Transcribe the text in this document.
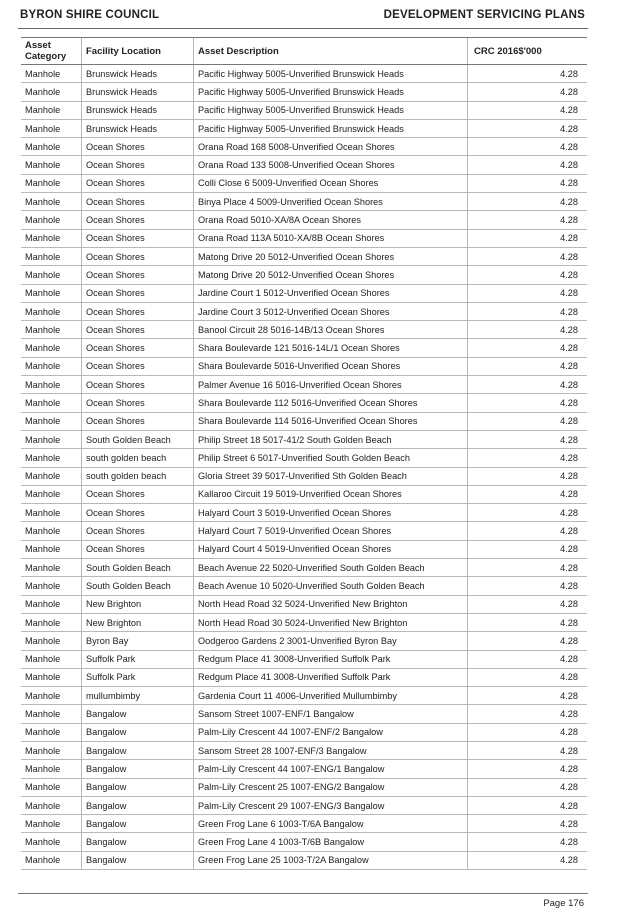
BYRON SHIRE COUNCIL	DEVELOPMENT SERVICING PLANS
Asset Category	Facility Location	Asset Description	CRC 2016$'000
Manhole	Brunswick Heads	Pacific Highway 5005-Unverified Brunswick Heads	4.28
Manhole	Brunswick Heads	Pacific Highway 5005-Unverified Brunswick Heads	4.28
Manhole	Brunswick Heads	Pacific Highway 5005-Unverified Brunswick Heads	4.28
Manhole	Brunswick Heads	Pacific Highway 5005-Unverified Brunswick Heads	4.28
Manhole	Ocean Shores	Orana Road 168 5008-Unverified Ocean Shores	4.28
Manhole	Ocean Shores	Orana Road 133 5008-Unverified Ocean Shores	4.28
Manhole	Ocean Shores	Colli Close 6 5009-Unverified Ocean Shores	4.28
Manhole	Ocean Shores	Binya Place 4 5009-Unverified Ocean Shores	4.28
Manhole	Ocean Shores	Orana Road 5010-XA/8A Ocean Shores	4.28
Manhole	Ocean Shores	Orana Road 113A 5010-XA/8B Ocean Shores	4.28
Manhole	Ocean Shores	Matong Drive 20 5012-Unverified Ocean Shores	4.28
Manhole	Ocean Shores	Matong Drive 20 5012-Unverified Ocean Shores	4.28
Manhole	Ocean Shores	Jardine Court 1 5012-Unverified Ocean Shores	4.28
Manhole	Ocean Shores	Jardine Court 3 5012-Unverified Ocean Shores	4.28
Manhole	Ocean Shores	Banool Circuit 28 5016-14B/13 Ocean Shores	4.28
Manhole	Ocean Shores	Shara Boulevarde 121 5016-14L/1 Ocean Shores	4.28
Manhole	Ocean Shores	Shara Boulevarde 5016-Unverified Ocean Shores	4.28
Manhole	Ocean Shores	Palmer Avenue 16 5016-Unverified Ocean Shores	4.28
Manhole	Ocean Shores	Shara Boulevarde 112 5016-Unverified Ocean Shores	4.28
Manhole	Ocean Shores	Shara Boulevarde 114 5016-Unverified Ocean Shores	4.28
Manhole	South Golden Beach	Philip Street 18 5017-41/2 South Golden Beach	4.28
Manhole	south golden beach	Philip Street 6 5017-Unverified South Golden Beach	4.28
Manhole	south golden beach	Gloria Street 39 5017-Unverified Sth Golden Beach	4.28
Manhole	Ocean Shores	Kallaroo Circuit 19 5019-Unverified Ocean Shores	4.28
Manhole	Ocean Shores	Halyard Court 3 5019-Unverified Ocean Shores	4.28
Manhole	Ocean Shores	Halyard Court 7 5019-Unverified Ocean Shores	4.28
Manhole	Ocean Shores	Halyard Court 4 5019-Unverified Ocean Shores	4.28
Manhole	South Golden Beach	Beach Avenue 22 5020-Unverified South Golden Beach	4.28
Manhole	South Golden Beach	Beach Avenue 10 5020-Unverified South Golden Beach	4.28
Manhole	New Brighton	North Head Road 32 5024-Unverified New Brighton	4.28
Manhole	New Brighton	North Head Road 30 5024-Unverified New Brighton	4.28
Manhole	Byron Bay	Oodgeroo Gardens 2 3001-Unverified Byron Bay	4.28
Manhole	Suffolk Park	Redgum Place 41 3008-Unverified Suffolk Park	4.28
Manhole	Suffolk Park	Redgum Place 41 3008-Unverified Suffolk Park	4.28
Manhole	mullumbimby	Gardenia Court 11 4006-Unverified Mullumbimby	4.28
Manhole	Bangalow	Sansom Street 1007-ENF/1 Bangalow	4.28
Manhole	Bangalow	Palm-Lily Crescent 44 1007-ENF/2 Bangalow	4.28
Manhole	Bangalow	Sansom Street 28 1007-ENF/3 Bangalow	4.28
Manhole	Bangalow	Palm-Lily Crescent 44 1007-ENG/1 Bangalow	4.28
Manhole	Bangalow	Palm-Lily Crescent 25 1007-ENG/2 Bangalow	4.28
Manhole	Bangalow	Palm-Lily Crescent 29 1007-ENG/3 Bangalow	4.28
Manhole	Bangalow	Green Frog Lane 6 1003-T/6A Bangalow	4.28
Manhole	Bangalow	Green Frog Lane 4 1003-T/6B Bangalow	4.28
Manhole	Bangalow	Green Frog Lane 25 1003-T/2A Bangalow	4.28
Page 176
